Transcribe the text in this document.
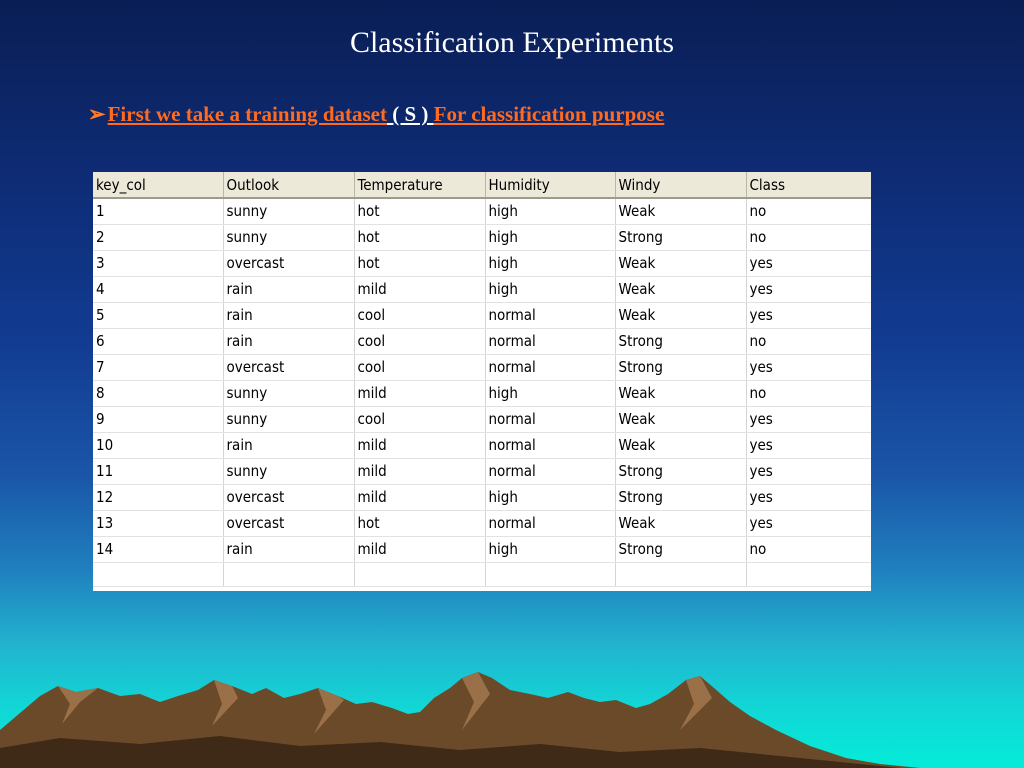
Classification Experiments
➢First we take a training dataset ( S ) For classification purpose
key_col	Outlook	Temperature	Humidity	Windy	Class
1	sunny	hot	high	Weak	no
2	sunny	hot	high	Strong	no
3	overcast	hot	high	Weak	yes
4	rain	mild	high	Weak	yes
5	rain	cool	normal	Weak	yes
6	rain	cool	normal	Strong	no
7	overcast	cool	normal	Strong	yes
8	sunny	mild	high	Weak	no
9	sunny	cool	normal	Weak	yes
10	rain	mild	normal	Weak	yes
11	sunny	mild	normal	Strong	yes
12	overcast	mild	high	Strong	yes
13	overcast	hot	normal	Weak	yes
14	rain	mild	high	Strong	no
